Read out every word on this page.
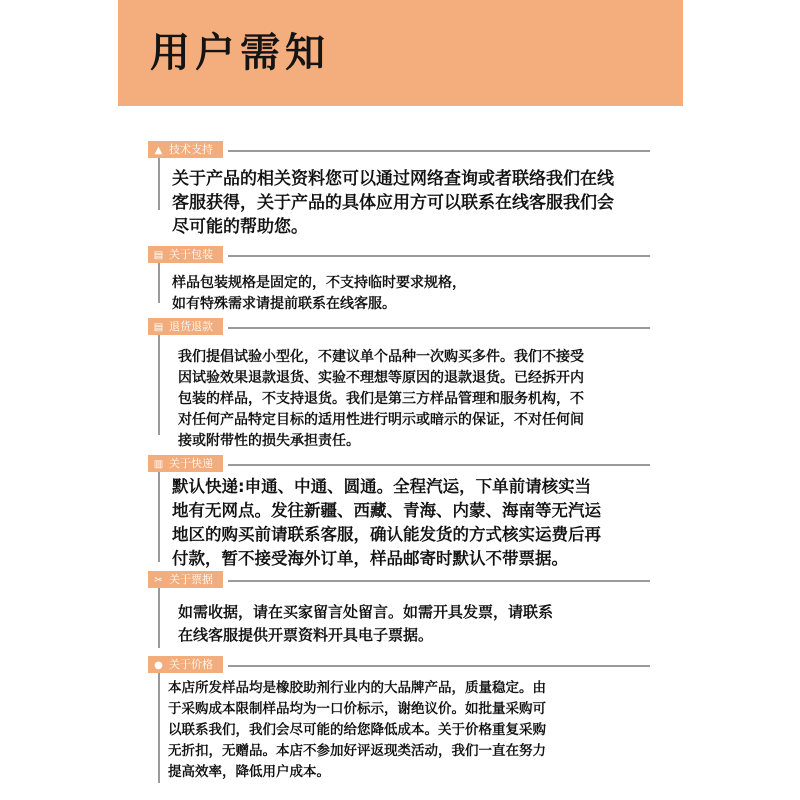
用户需知
▲ 技术支持
关于产品的相关资料您可以通过网络查询或者联络我们在线
客服获得，关于产品的具体应用方可以联系在线客服我们会
尽可能的帮助您。
▤ 关于包装
样品包装规格是固定的，不支持临时要求规格，
如有特殊需求请提前联系在线客服。
▤ 退货退款
我们提倡试验小型化，不建议单个品种一次购买多件。我们不接受
因试验效果退款退货、实验不理想等原因的退款退货。已经拆开内
包装的样品，不支持退货。我们是第三方样品管理和服务机构，不
对任何产品特定目标的适用性进行明示或暗示的保证，不对任何间
接或附带性的损失承担责任。
▥ 关于快递
默认快递:申通、中通、圆通。全程汽运，下单前请核实当
地有无网点。发往新疆、西藏、青海、内蒙、海南等无汽运
地区的购买前请联系客服，确认能发货的方式核实运费后再
付款，暂不接受海外订单，样品邮寄时默认不带票据。
✂ 关于票据
如需收据，请在买家留言处留言。如需开具发票，请联系
在线客服提供开票资料开具电子票据。
● 关于价格
本店所发样品均是橡胶助剂行业内的大品牌产品，质量稳定。由
于采购成本限制样品均为一口价标示，谢绝议价。如批量采购可
以联系我们，我们会尽可能的给您降低成本。关于价格重复采购
无折扣，无赠品。本店不参加好评返现类活动，我们一直在努力
提高效率，降低用户成本。
